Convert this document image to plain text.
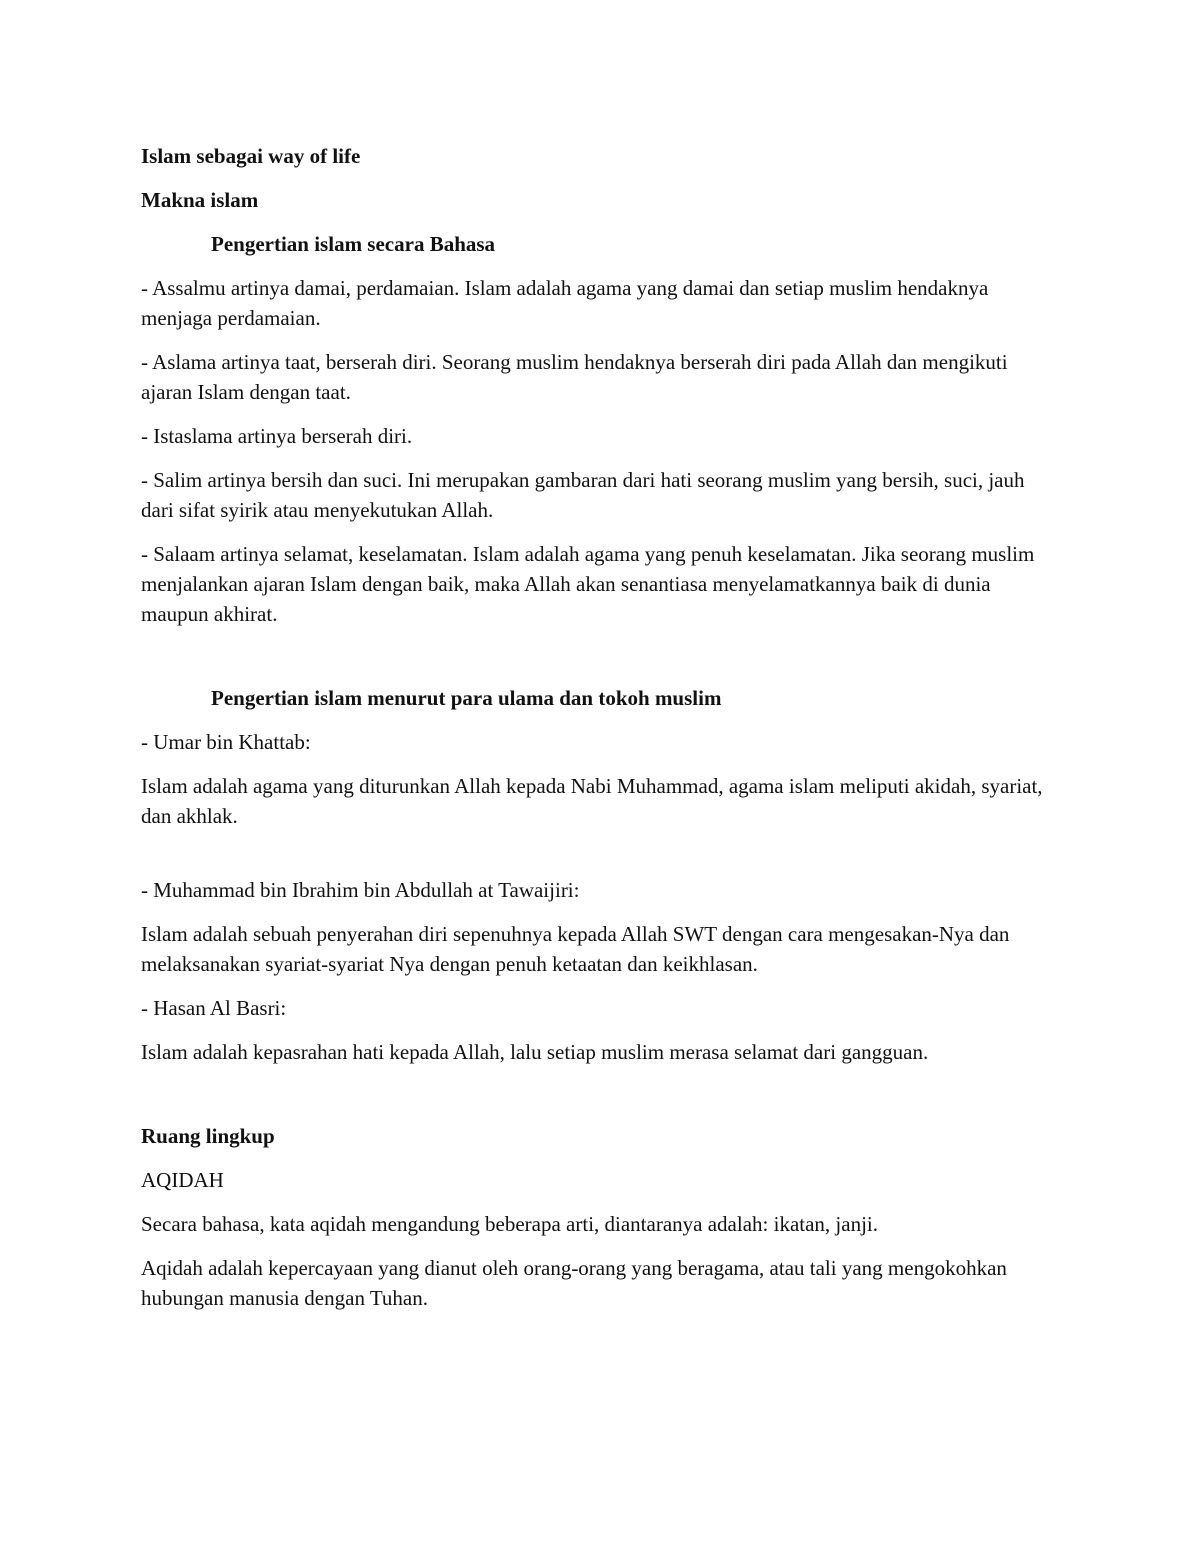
Islam sebagai way of life

Makna islam

Pengertian islam secara Bahasa

- Assalmu artinya damai, perdamaian. Islam adalah agama yang damai dan setiap muslim hendaknya menjaga perdamaian.

- Aslama artinya taat, berserah diri. Seorang muslim hendaknya berserah diri pada Allah dan mengikuti ajaran Islam dengan taat.

- Istaslama artinya berserah diri.

- Salim artinya bersih dan suci. Ini merupakan gambaran dari hati seorang muslim yang bersih, suci, jauh dari sifat syirik atau menyekutukan Allah.

- Salaam artinya selamat, keselamatan. Islam adalah agama yang penuh keselamatan. Jika seorang muslim menjalankan ajaran Islam dengan baik, maka Allah akan senantiasa menyelamatkannya baik di dunia maupun akhirat.

Pengertian islam menurut para ulama dan tokoh muslim

- Umar bin Khattab:

Islam adalah agama yang diturunkan Allah kepada Nabi Muhammad, agama islam meliputi akidah, syariat, dan akhlak.

- Muhammad bin Ibrahim bin Abdullah at Tawaijiri:

Islam adalah sebuah penyerahan diri sepenuhnya kepada Allah SWT dengan cara mengesakan-Nya dan melaksanakan syariat-syariat Nya dengan penuh ketaatan dan keikhlasan.

- Hasan Al Basri:

Islam adalah kepasrahan hati kepada Allah, lalu setiap muslim merasa selamat dari gangguan.

Ruang lingkup

AQIDAH

Secara bahasa, kata aqidah mengandung beberapa arti, diantaranya adalah: ikatan, janji.

Aqidah adalah kepercayaan yang dianut oleh orang-orang yang beragama, atau tali yang mengokohkan hubungan manusia dengan Tuhan.
